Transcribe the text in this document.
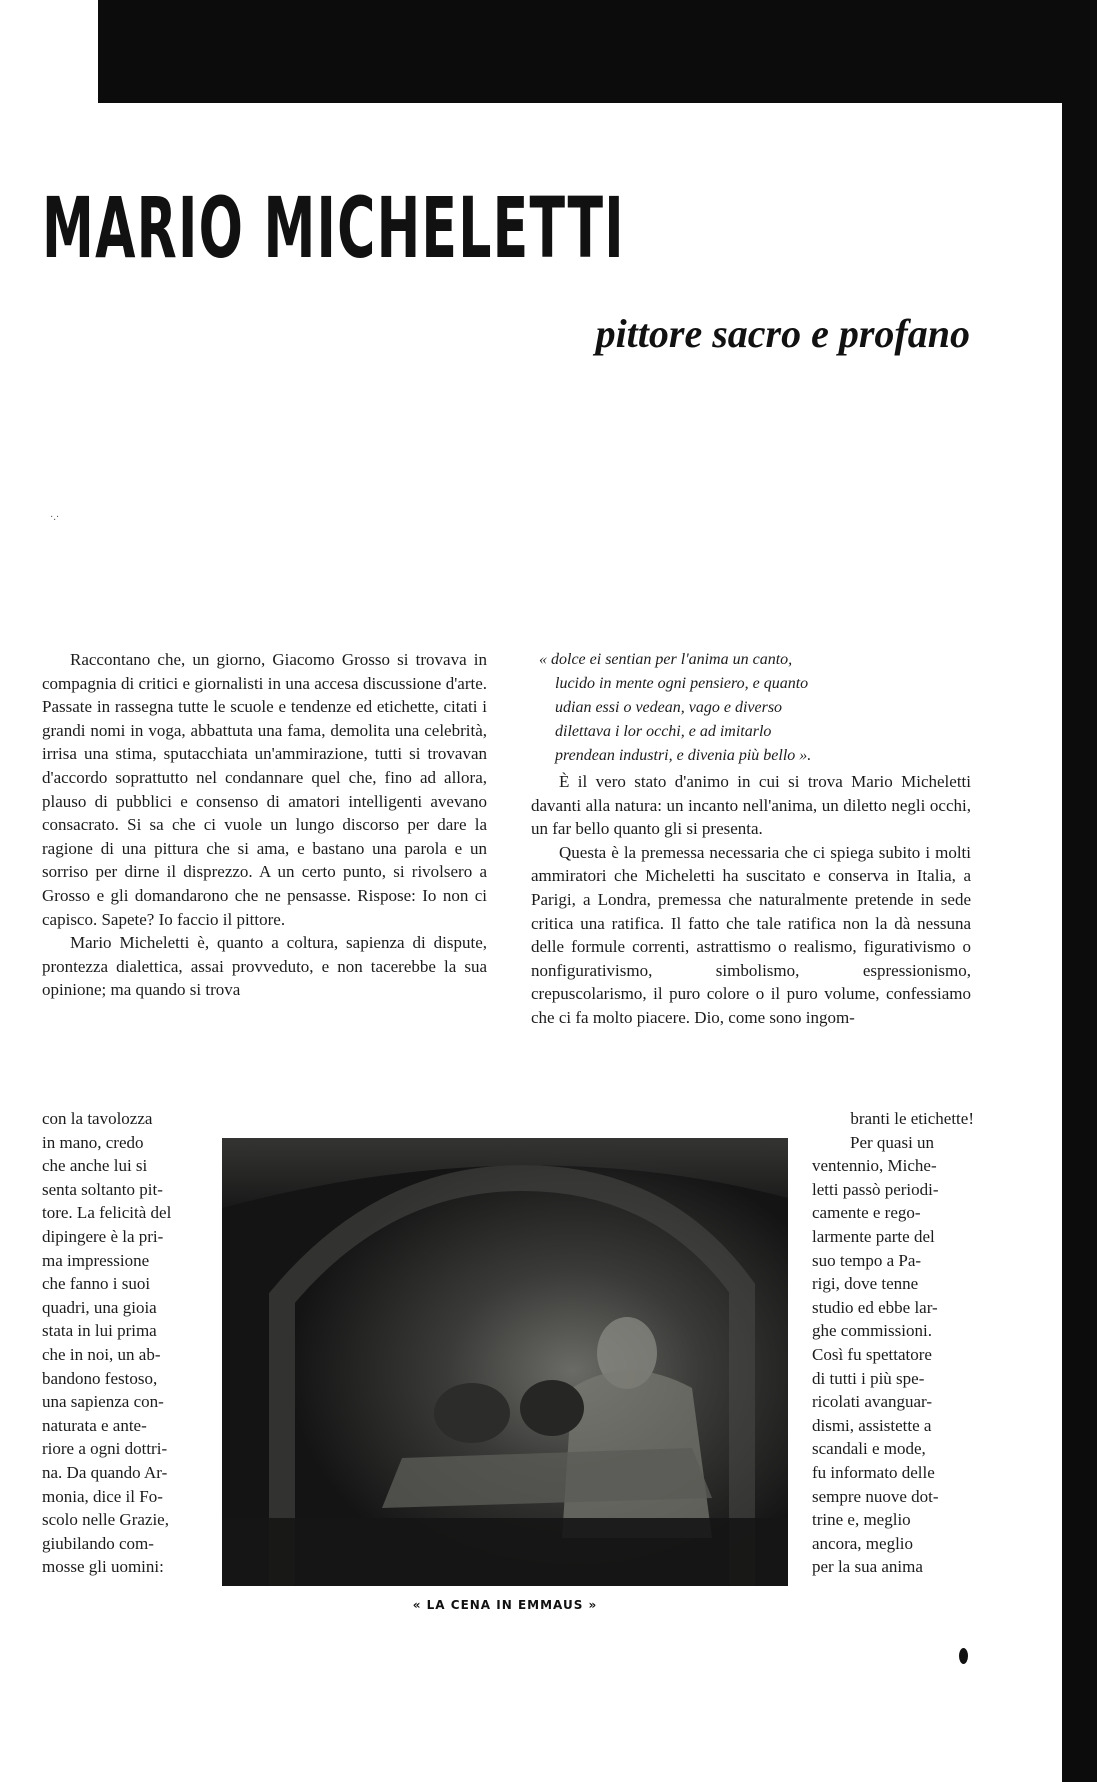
MARIO MICHELETTI
pittore sacro e profano
·.·

Raccontano che, un giorno, Giacomo Grosso si trovava in compagnia di critici e giornalisti in una accesa discussione d'arte. Passate in rassegna tutte le scuole e tendenze ed etichette, citati i grandi nomi in voga, abbattuta una fama, demolita una celebrità, irrisa una stima, sputacchiata un'ammirazione, tutti si trovavan d'accordo soprattutto nel condannare quel che, fino ad allora, plauso di pubblici e consenso di amatori intelligenti avevano consacrato. Si sa che ci vuole un lungo discorso per dare la ragione di una pittura che si ama, e bastano una parola e un sorriso per dirne il disprezzo. A un certo punto, si rivolsero a Grosso e gli domandarono che ne pensasse. Rispose: Io non ci capisco. Sapete? Io faccio il pittore.

Mario Micheletti è, quanto a coltura, sapienza di dispute, prontezza dialettica, assai provveduto, e non tacerebbe la sua opinione; ma quando si trova

con la tavolozza
in mano, credo
che anche lui si
senta soltanto pit-
tore. La felicità del
dipingere è la pri-
ma impressione
che fanno i suoi
quadri, una gioia
stata in lui prima
che in noi, un ab-
bandono festoso,
una sapienza con-
naturata e ante-
riore a ogni dottri-
na. Da quando Ar-
monia, dice il Fo-
scolo nelle Grazie,
giubilando com-
mosse gli uomini:
« dolce ei sentian per l'anima un canto,
lucido in mente ogni pensiero, e quanto
udian essi o vedean, vago e diverso
dilettava i lor occhi, e ad imitarlo
prendean industri, e divenia più bello ».

È il vero stato d'animo in cui si trova Mario Micheletti davanti alla natura: un incanto nell'anima, un diletto negli occhi, un far bello quanto gli si presenta.

Questa è la premessa necessaria che ci spiega subito i molti ammiratori che Micheletti ha suscitato e conserva in Italia, a Parigi, a Londra, premessa che naturalmente pretende in sede critica una ratifica. Il fatto che tale ratifica non la dà nessuna delle formule correnti, astrattismo o realismo, figurativismo o nonfigurativismo, simbolismo, espressionismo, crepuscolarismo, il puro colore o il puro volume, confessiamo che ci fa molto piacere. Dio, come sono ingom-

branti le etichette!
Per quasi un
ventennio, Miche-
letti passò periodi-
camente e rego-
larmente parte del
suo tempo a Pa-
rigi, dove tenne
studio ed ebbe lar-
ghe commissioni.
Così fu spettatore
di tutti i più spe-
ricolati avanguar-
dismi, assistette a
scandali e mode,
fu informato delle
sempre nuove dot-
trine e, meglio
ancora, meglio
per la sua anima
« LA CENA IN EMMAUS »
